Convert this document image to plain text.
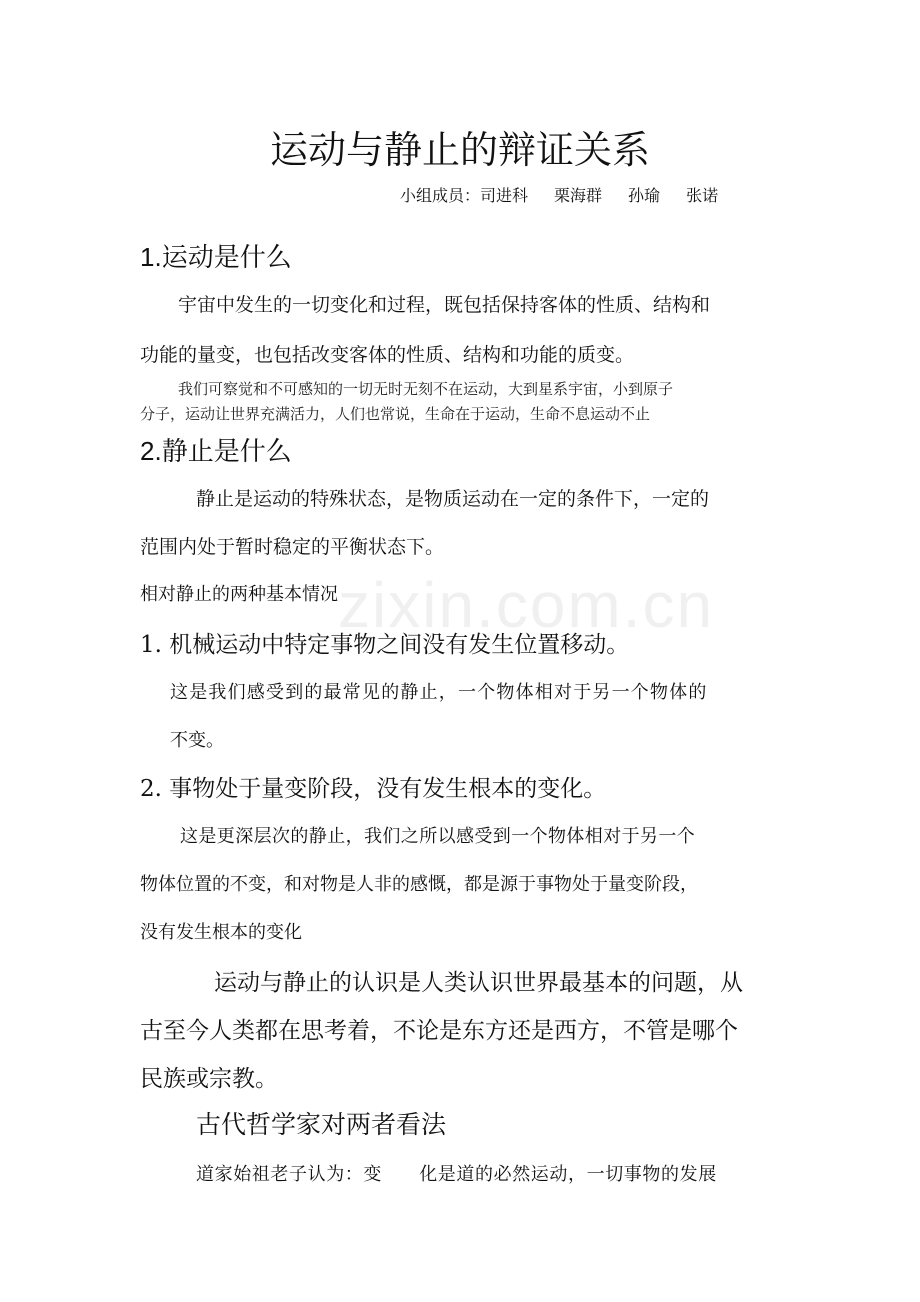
zixin.com.cn
运动与静止的辩证关系
小组成员：司进科 栗海群 孙瑜 张诺
1.运动是什么
宇宙中发生的一切变化和过程，既包括保持客体的性质、结构和
功能的量变，也包括改变客体的性质、结构和功能的质变。
我们可察觉和不可感知的一切无时无刻不在运动，大到星系宇宙，小到原子
分子，运动让世界充满活力，人们也常说，生命在于运动，生命不息运动不止
2.静止是什么
静止是运动的特殊状态，是物质运动在一定的条件下，一定的
范围内处于暂时稳定的平衡状态下。
相对静止的两种基本情况
1. 机械运动中特定事物之间没有发生位置移动。
这是我们感受到的最常见的静止，一个物体相对于另一个物体的
不变。
2. 事物处于量变阶段，没有发生根本的变化。
这是更深层次的静止，我们之所以感受到一个物体相对于另一个
物体位置的不变，和对物是人非的感慨，都是源于事物处于量变阶段，
没有发生根本的变化
运动与静止的认识是人类认识世界最基本的问题，从
古至今人类都在思考着，不论是东方还是西方，不管是哪个
民族或宗教。
古代哲学家对两者看法
道家始祖老子认为：变　　化是道的必然运动，一切事物的发展
